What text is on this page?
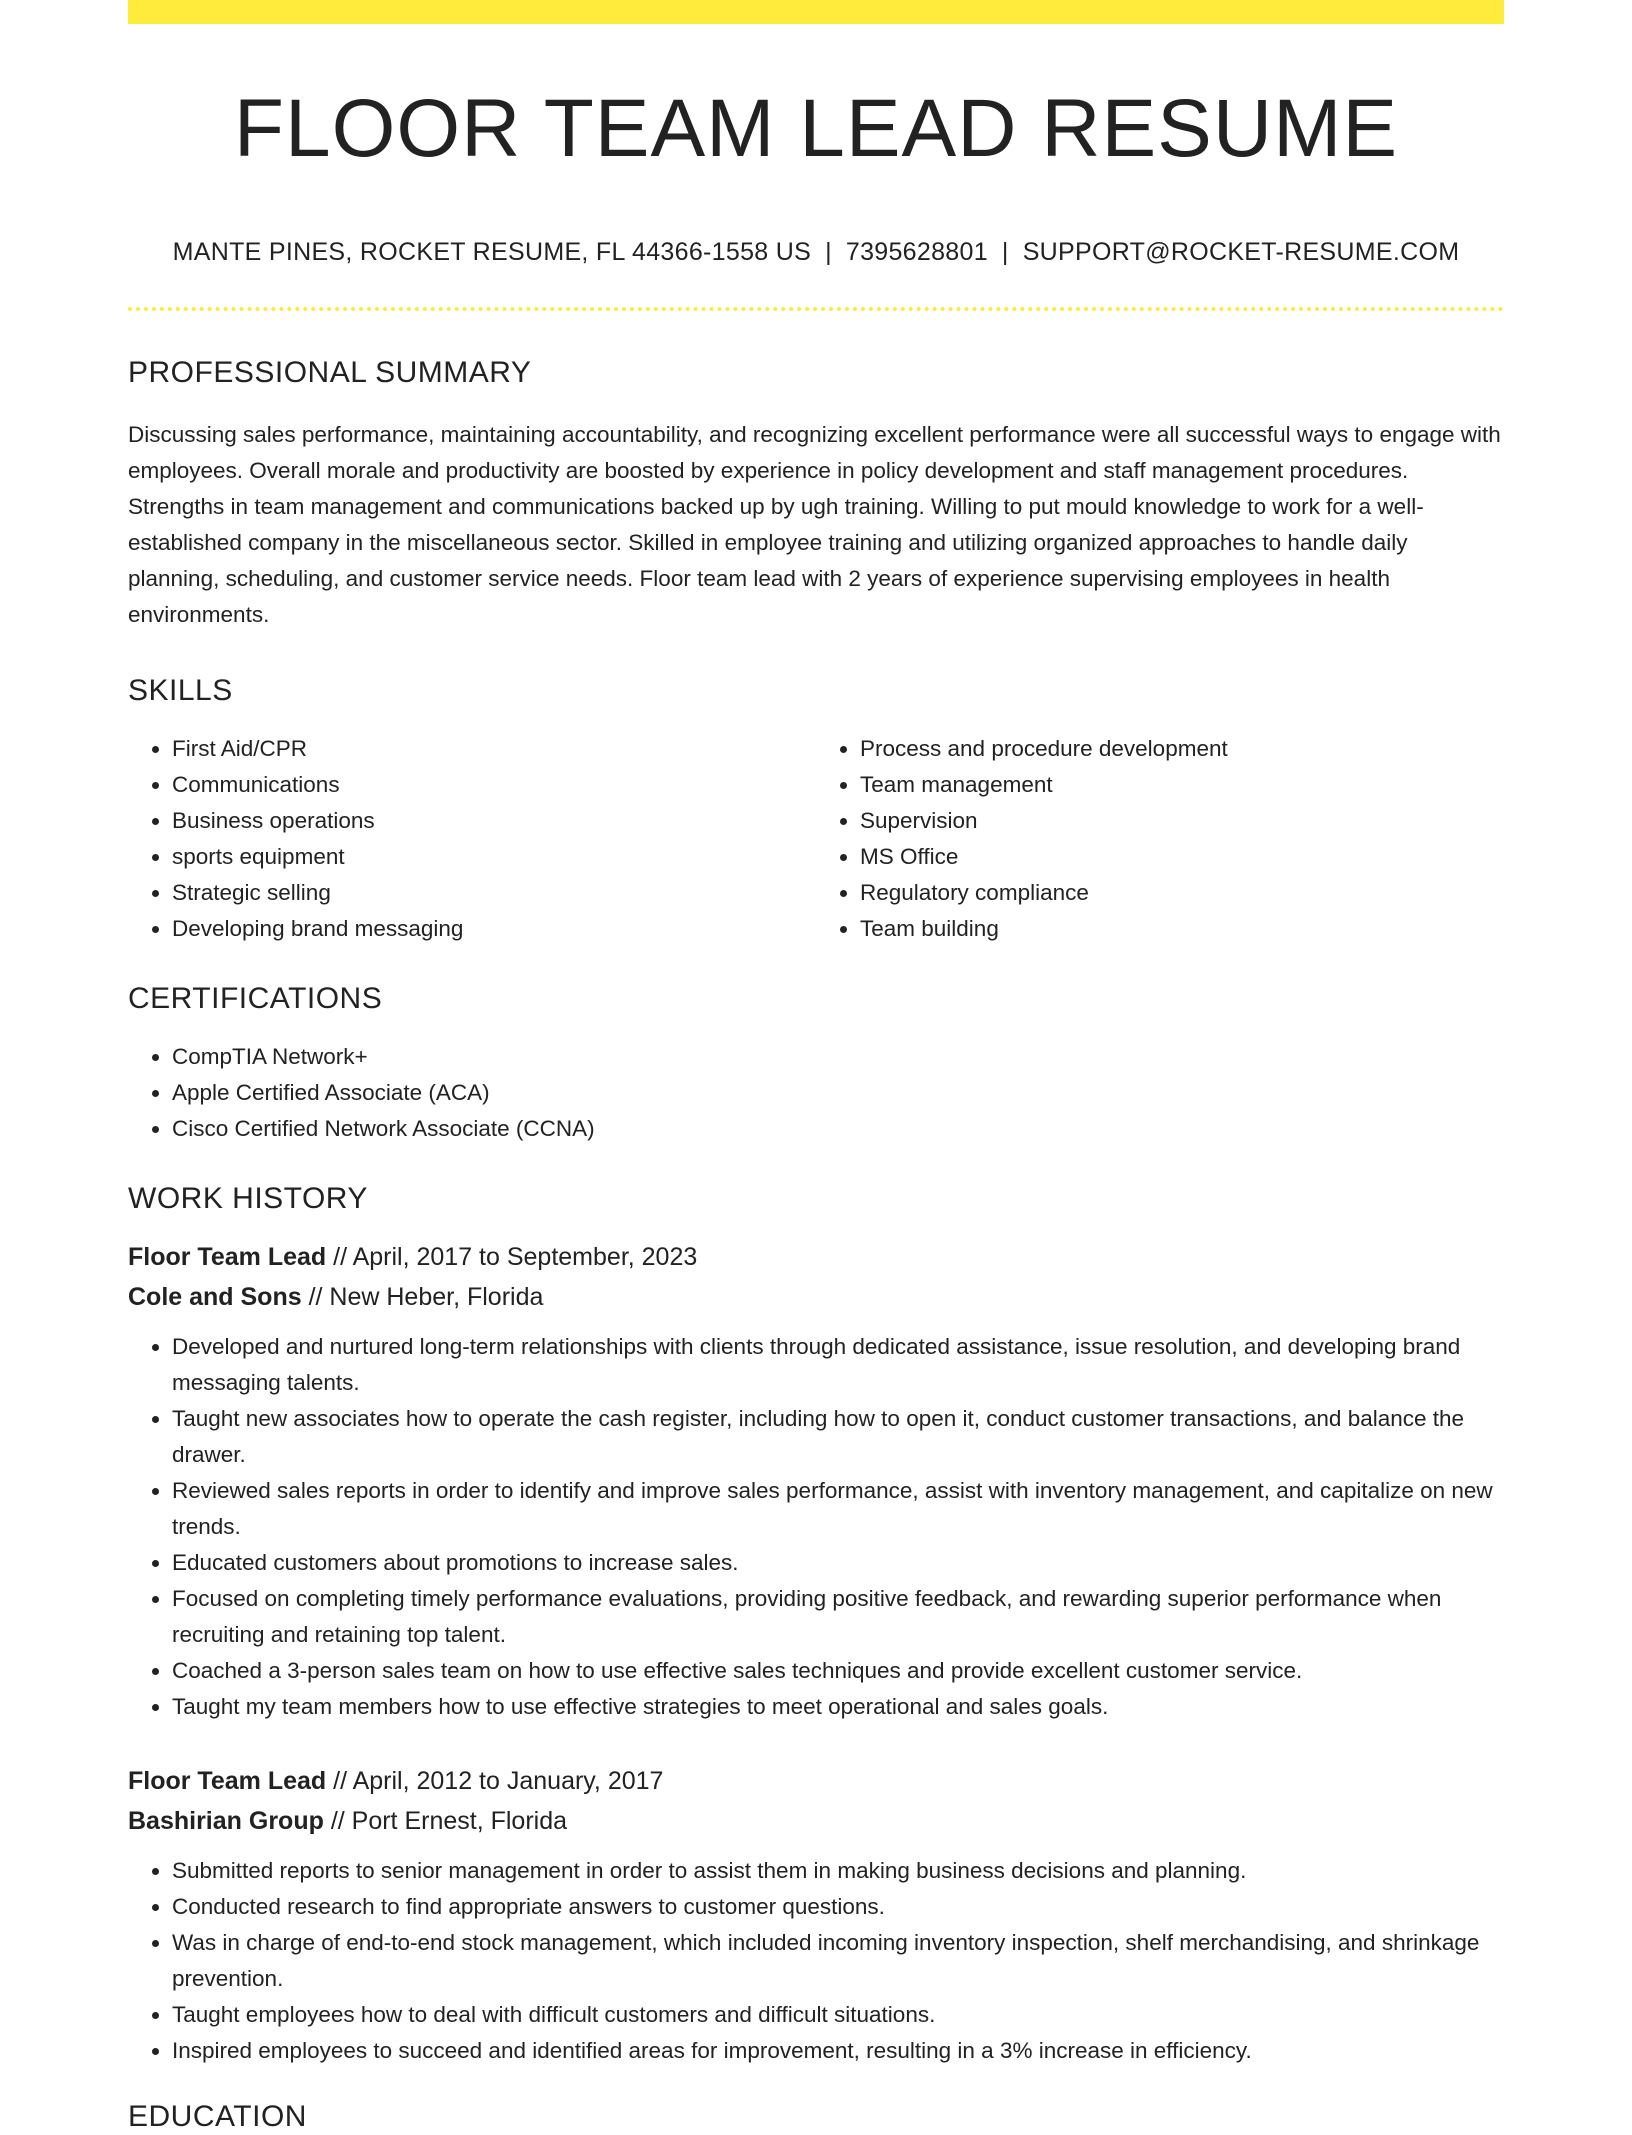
FLOOR TEAM LEAD RESUME
MANTE PINES, ROCKET RESUME, FL 44366-1558 US | 7395628801 | SUPPORT@ROCKET-RESUME.COM
PROFESSIONAL SUMMARY

Discussing sales performance, maintaining accountability, and recognizing excellent performance were all successful ways to engage with employees. Overall morale and productivity are boosted by experience in policy development and staff management procedures. Strengths in team management and communications backed up by ugh training. Willing to put mould knowledge to work for a well-established company in the miscellaneous sector. Skilled in employee training and utilizing organized approaches to handle daily planning, scheduling, and customer service needs. Floor team lead with 2 years of experience supervising employees in health environments.

SKILLS
• First Aid/CPR
• Communications
• Business operations
• sports equipment
• Strategic selling
• Developing brand messaging
• Process and procedure development
• Team management
• Supervision
• MS Office
• Regulatory compliance
• Team building
CERTIFICATIONS
• CompTIA Network+
• Apple Certified Associate (ACA)
• Cisco Certified Network Associate (CCNA)
WORK HISTORY
Floor Team Lead // April, 2017 to September, 2023
Cole and Sons // New Heber, Florida
• Developed and nurtured long-term relationships with clients through dedicated assistance, issue resolution, and developing brand messaging talents.
• Taught new associates how to operate the cash register, including how to open it, conduct customer transactions, and balance the drawer.
• Reviewed sales reports in order to identify and improve sales performance, assist with inventory management, and capitalize on new trends.
• Educated customers about promotions to increase sales.
• Focused on completing timely performance evaluations, providing positive feedback, and rewarding superior performance when recruiting and retaining top talent.
• Coached a 3-person sales team on how to use effective sales techniques and provide excellent customer service.
• Taught my team members how to use effective strategies to meet operational and sales goals.
Floor Team Lead // April, 2012 to January, 2017
Bashirian Group // Port Ernest, Florida
• Submitted reports to senior management in order to assist them in making business decisions and planning.
• Conducted research to find appropriate answers to customer questions.
• Was in charge of end-to-end stock management, which included incoming inventory inspection, shelf merchandising, and shrinkage prevention.
• Taught employees how to deal with difficult customers and difficult situations.
• Inspired employees to succeed and identified areas for improvement, resulting in a 3% increase in efficiency.
EDUCATION
